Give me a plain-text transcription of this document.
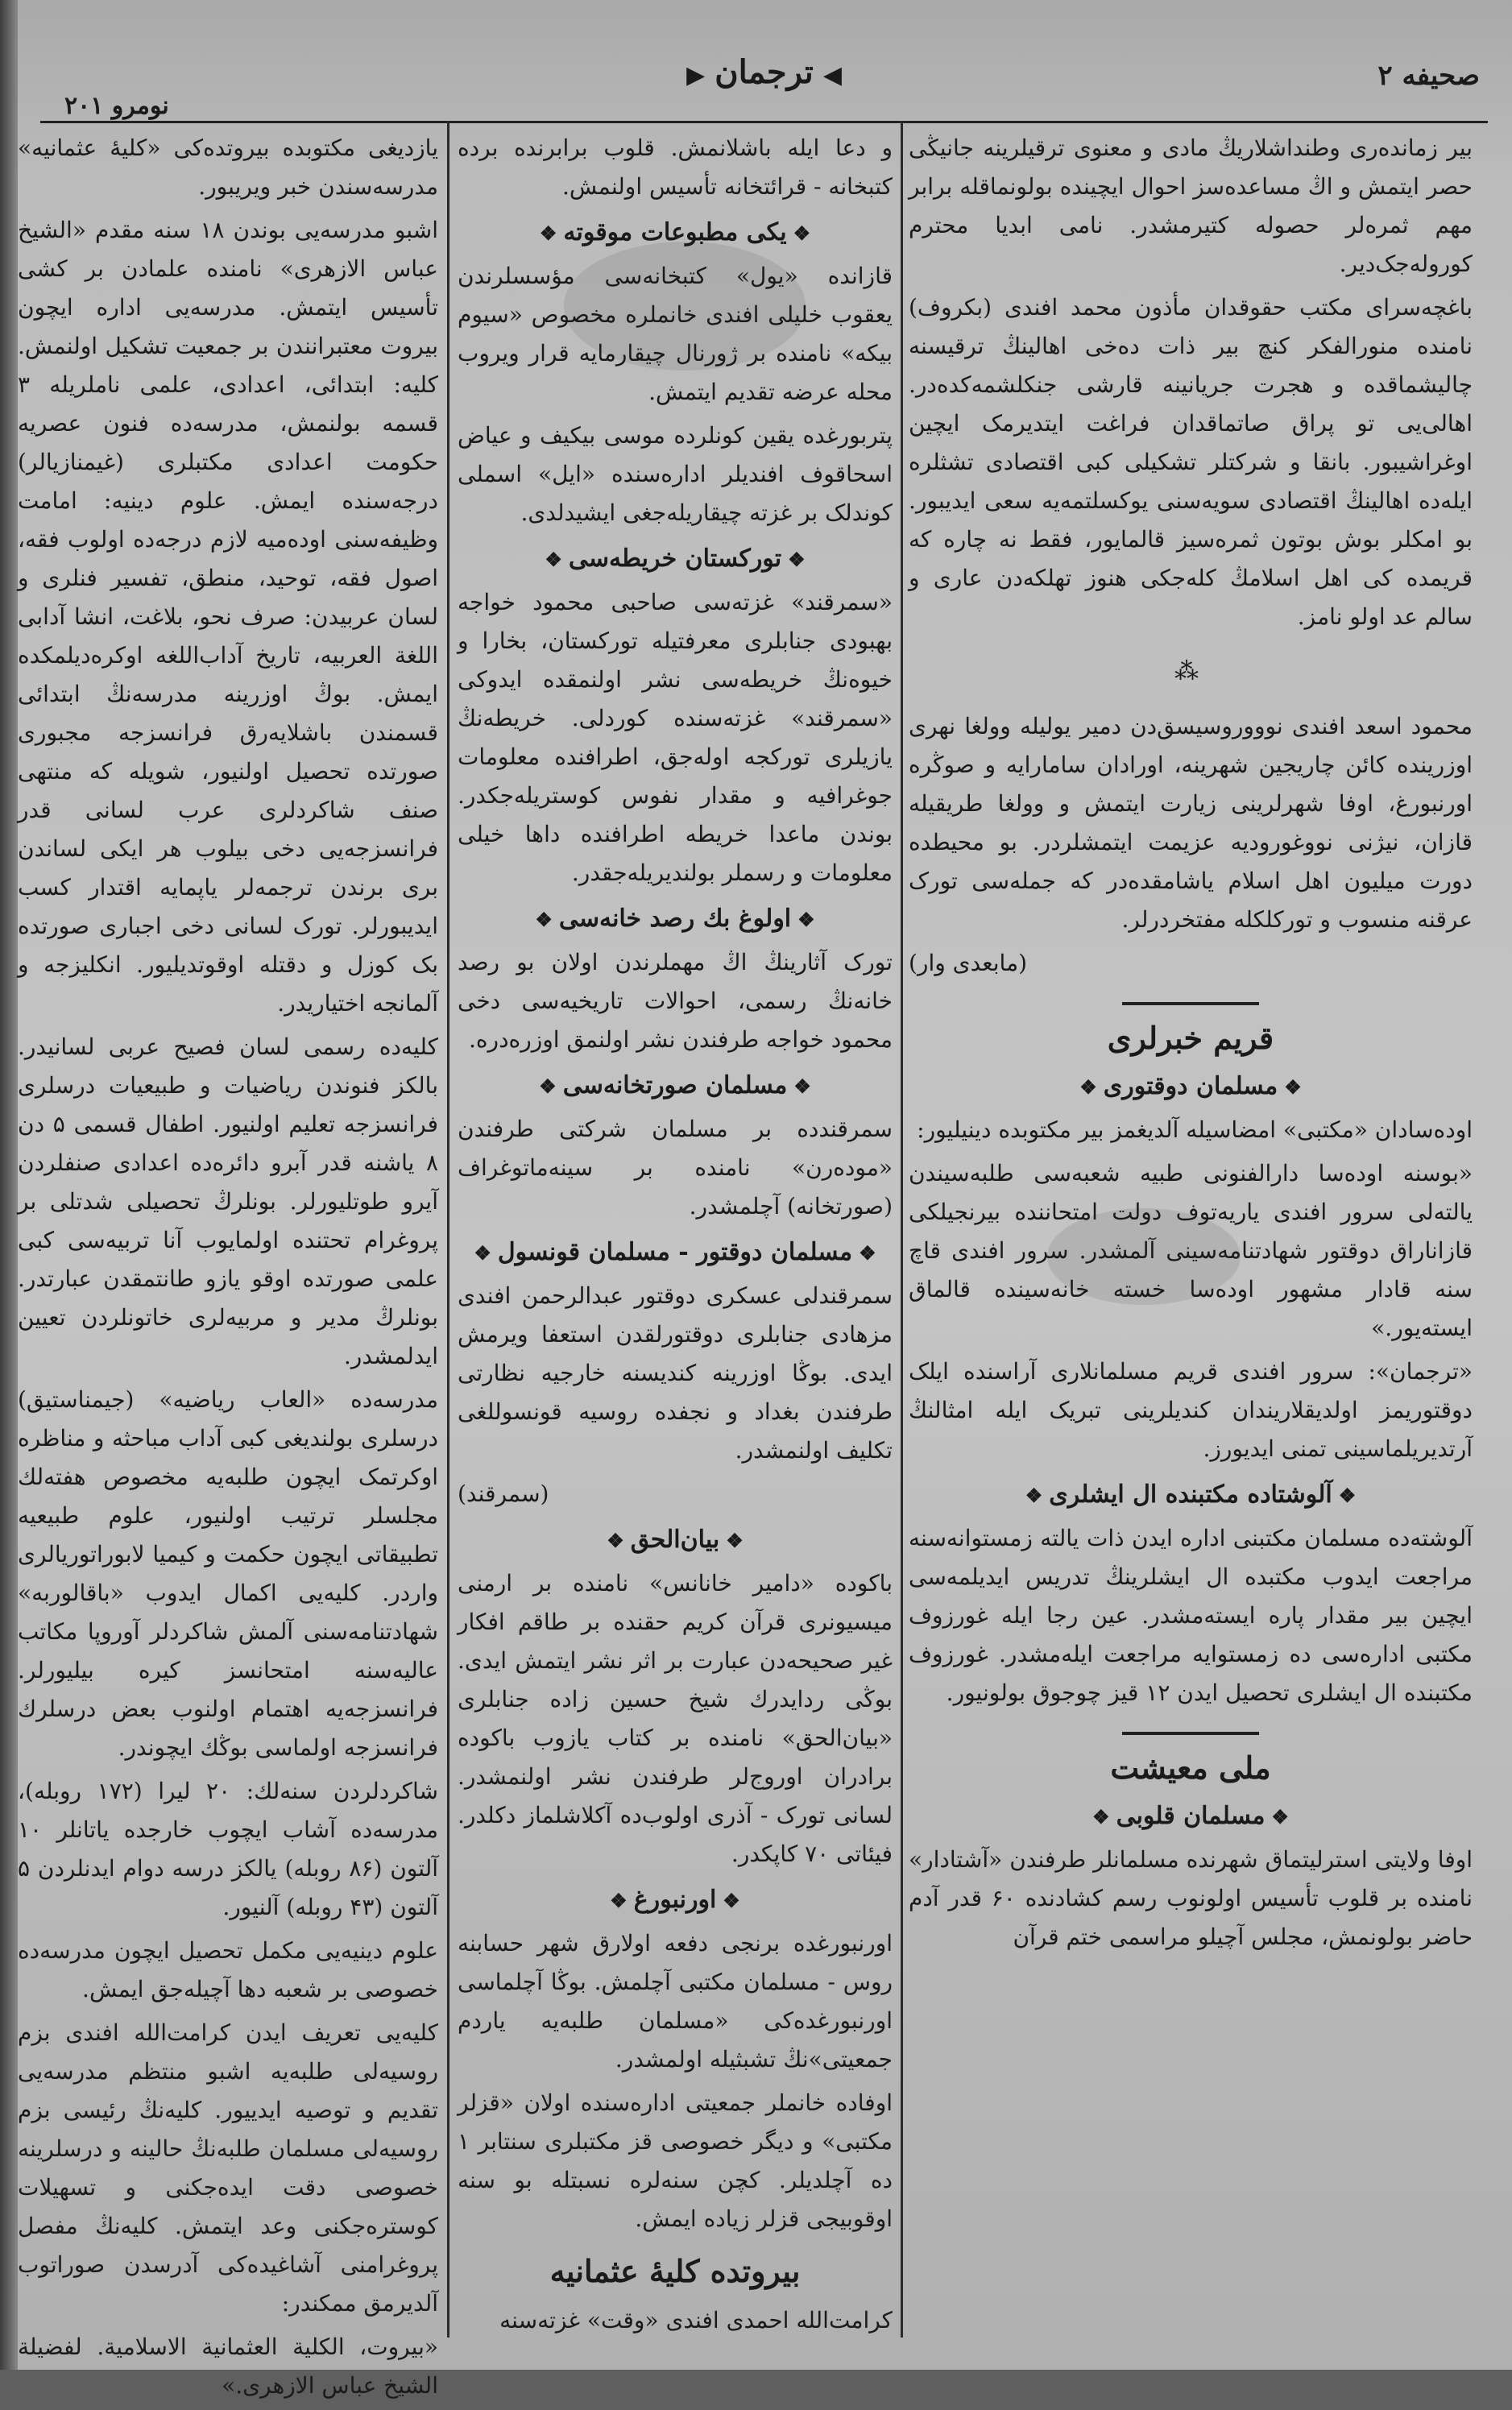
صحیفه ۲
◀ترجمان▶
نومرو ۲۰۱

بیر زمانده‌ری وطنداشلاریڭ مادی و معنوی ترقیلرینه جانیڭی حصر ایتمش و اڭ مساعده‌سز احوال ایچینده بولونماقله برابر مهم ثمره‌لر حصوله کتیرمشدر. نامی ابدیا محترم کوروله‌جک‌دیر.

باغچه‌سرای مکتب حقوقدان مأذون محمد افندی (بکروف) نامنده منورالفکر کنچ بیر ذات ده‌خی اهالینڭ ترقیسنه چالیشماقده و هجرت جریانینه قارشی جنکلشمه‌کده‌در. اهالی‌یی تو پراق صاتماقدان فراغت ایتدیرمک ایچین اوغراشیبور. بانقا و شرکتلر تشکیلی کبی اقتصادی تشثلره ایله‌ده اهالینڭ اقتصادی سویه‌سنی یوکسلتمه‌یه سعی ایدیبور. بو امکلر بوش بوتون ثمره‌سیز قالمایور، فقط نه چاره که قریمده کی اهل اسلامڭ کله‌جکی هنوز تهلکه‌دن عاری و سالم عد اولو نامز.

⁂

محمود اسعد افندی نوووروسیسق‌دن دمیر یولیله وولغا نهری اوزرینده کائن چاریجین شهرینه، اورادان سامارایه و صوڭره اورنبورغ، اوفا شهرلرینی زیارت ایتمش و وولغا طریقیله قازان، نیژنی نووغورودیه عزیمت ایتمشلردر. بو محیطده دورت میلیون اهل اسلام یاشامقده‌در که جمله‌سی تورک عرقنه منسوب و تورکلکله مفتخردرلر.

(مابعدی وار)

قریم خبرلری
❖مسلمان دوقتوری❖

اوده‌سادان «مکتبی» امضاسیله آلدیغمز بیر مکتوبده دینیلیور:

«بوسنه اوده‌سا دارالفنونی طبیه شعبه‌سی طلبه‌سیندن یالته‌لی سرور افندی یاریه‌توف دولت امتحاننده بیرنجیلکی قازاناراق دوقتور شهادتنامه‌سینی آلمشدر. سرور افندی قاچ سنه قادار مشهور اوده‌سا خسته خانه‌سینده قالماق ایسته‌یور.»

«ترجمان»: سرور افندی قریم مسلمانلاری آراسنده ایلک دوقتوریمز اولدیقلاریندان کندیلرینی تبریک ایله امثالنڭ آرتدیریلماسینی تمنی ایدیورز.

❖آلوشتاده مکتبنده ال ایشلری❖

آلوشته‌ده مسلمان مکتبنی اداره ایدن ذات یالته زمستوانه‌سنه مراجعت ایدوب مکتبده ال ایشلرینڭ تدریس ایدیلمه‌سی ایچین بیر مقدار پاره ایسته‌مشدر. عین رجا ایله غورزوف مکتبی اداره‌سی ده زمستوایه مراجعت ایله‌مشدر. غورزوف مکتبنده ال ایشلری تحصیل ایدن ۱۲ قیز چوجوق بولونیور.

ملی معیشت
❖مسلمان قلوبی❖

اوفا ولایتی استرلیتماق شهرنده مسلمانلر طرفندن «آشتادار» نامنده بر قلوب تأسیس اولونوب رسم کشادنده ۶۰ قدر آدم حاضر بولونمش، مجلس آچیلو مراسمی ختم قرآن

و دعا ایله باشلانمش. قلوب برابرنده برده کتبخانه - قرائتخانه تأسیس اولنمش.

❖یکی مطبوعات موقوته❖

قازانده «یول» کتبخانه‌سی مؤسسلرندن یعقوب خلیلی افندی خانملره مخصوص «سیوم بیکه» نامنده بر ژورنال چیقارمایه قرار ویروب محله عرضه تقدیم ایتمش.

پتربورغده یقین کونلرده موسی بیکیف و عیاض اسحاقوف افندیلر اداره‌سنده «ایل» اسملی کوندلک بر غزته چیقاریله‌جغی ایشیدلدی.

❖تورکستان خریطه‌سی❖

«سمرقند» غزته‌سی صاحبی محمود خواجه بهبودی جنابلری معرفتیله تورکستان، بخارا و خیوه‌نڭ خریطه‌سی نشر اولنمقده ایدوکی «سمرقند» غزته‌سنده کوردلی. خریطه‌نڭ یازیلری تورکجه اوله‌جق، اطرافنده معلومات جوغرافیه و مقدار نفوس کوستریله‌جکدر. بوندن ماعدا خریطه اطرافنده داها خیلی معلومات و رسملر بولندیریله‌جقدر.

❖اولوغ بك رصد خانه‌سی❖

تورک آثارینڭ اڭ مهملرندن اولان بو رصد خانه‌نڭ رسمی، احوالات تاریخیه‌سی دخی محمود خواجه طرفندن نشر اولنمق اوزره‌دره.

❖مسلمان صورتخانه‌سی❖

سمرقندده بر مسلمان شرکتی طرفندن «موده‌رن» نامنده بر سینه‌ماتوغراف (صورتخانه) آچلمشدر.

❖مسلمان دوقتور - مسلمان قونسول❖

سمرقندلی عسکری دوقتور عبدالرحمن افندی مزهادی جنابلری دوقتورلقدن استعفا ویرمش ایدی. بوڭا اوزرینه کندیسنه خارجیه نظارتی طرفندن بغداد و نجفده روسیه قونسوللغی تکلیف اولنمشدر.

(سمرقند)

❖بیان‌الحق❖

باکوده «دامیر خانانس» نامنده بر ارمنی میسیونری قرآن کریم حقنده بر طاقم افکار غیر صحیحه‌دن عبارت بر اثر نشر ایتمش ایدی. بوڭی ردایدرك شیخ حسین زاده جنابلری «بیان‌الحق» نامنده بر کتاب یازوب باکوده برادران اوروج‌لر طرفندن نشر اولنمشدر. لسانی تورک - آذری اولوب‌ده آکلاشلماز دکلدر. فیئاتی ۷۰ کاپکدر.

❖اورنبورغ❖

اورنبورغده برنجی دفعه اولارق شهر حسابنه روس - مسلمان مکتبی آچلمش. بوڭا آچلماسی اورنبورغده‌کی «مسلمان طلبه‌یه یاردم جمعیتی»نڭ تشبثیله اولمشدر.

اوفاده خانملر جمعیتی اداره‌سنده اولان «قزلر مکتبی» و دیگر خصوصی قز مکتبلری سنتابر ۱ ده آچلدیلر. کچن سنه‌لره نسبتله بو سنه اوقوبیجی قزلر زیاده ایمش.

بیروتده کلیهٔ عثمانیه

کرامت‌الله احمدی افندی «وقت» غزته‌سنه

یازدیغی مکتوبده بیروتده‌کی «کلیهٔ عثمانیه» مدرسه‌سندن خبر ویریبور.

اشبو مدرسه‌یی بوندن ۱۸ سنه مقدم «الشیخ عباس الازهری» نامنده علمادن بر کشی تأسیس ایتمش. مدرسه‌یی اداره ایچون بیروت معتبرانندن بر جمعیت تشکیل اولنمش. کلیه: ابتدائی، اعدادی، علمی ناملریله ۳ قسمه بولنمش، مدرسه‌ده فنون عصریه حکومت اعدادی مکتبلری (غیمنازیالر) درجه‌سنده ایمش. علوم دینیه: امامت وظیفه‌سنی اوده‌میه لازم درجه‌ده اولوب فقه، اصول فقه، توحید، منطق، تفسیر فنلری و لسان عربیدن: صرف نحو، بلاغت، انشا آدابی اللغة العربیه، تاریخ آداب‌اللغه اوکرەدیلمکده ایمش. بوڭ اوزرینه مدرسه‌نڭ ابتدائی قسمندن باشلایه‌رق فرانسزجه مجبوری صورتده تحصیل اولنیور، شویله که منتهی صنف شاکردلری عرب لسانی قدر فرانسزجه‌یی دخی بیلوب هر ایکی لساندن بری برندن ترجمه‌لر یاپمایه اقتدار کسب ایدیبورلر. تورک لسانی دخی اجباری صورتده بک کوزل و دقتله اوقوتدیلیور. انکلیزجه و آلمانجه اختیاریدر.

کلیه‌ده رسمی لسان فصیح عربی لسانیدر. بالکز فنوندن ریاضیات و طبیعیات درسلری فرانسزجه تعلیم اولنیور. اطفال قسمی ۵ دن ۸ یاشنه قدر آبرو دائره‌ده اعدادی صنفلردن آیرو طوتلیورلر. بونلرڭ تحصیلی شدتلی بر پروغرام تحتنده اولمایوب آنا تربیه‌سی کبی علمی صورتده اوقو یازو طانتمقدن عبارتدر. بونلرڭ مدیر و مربیه‌لری خاتونلردن تعیین ایدلمشدر.

مدرسه‌ده «العاب ریاضیه» (جیمناستیق) درسلری بولندیغی کبی آداب مباحثه و مناظره اوکرتمک ایچون طلبه‌یه مخصوص هفته‌لك مجلسلر ترتیب اولنیور، علوم طبیعیه تطبیقاتی ایچون حکمت و کیمیا لابوراتوریالری واردر. کلیه‌یی اکمال ایدوب «باقالوربه» شهادتنامه‌سنی آلمش شاکردلر آوروپا مکاتب عالیه‌سنه امتحانسز کیره بیلیورلر. فرانسزجه‌یه اهتمام اولنوب بعض درسلرك فرانسزجه اولماسی بوڭك ایچوندر.

شاکردلردن سنه‌لك: ۲۰ لیرا (۱۷۲ روبله)، مدرسه‌ده آشاب ایچوب خارجده یاتانلر ۱۰ آلتون (۸۶ روبله) یالکز درسه دوام ایدنلردن ۵ آلتون (۴۳ روبله) آلنیور.

علوم دینیه‌یی مکمل تحصیل ایچون مدرسه‌ده خصوصی بر شعبه دها آچیله‌جق ایمش.

کلیه‌یی تعریف ایدن کرامت‌الله افندی بزم روسیه‌لی طلبه‌یه اشبو منتظم مدرسه‌یی تقدیم و توصیه ایدییور. کلیه‌نڭ رئیسی بزم روسیه‌لی مسلمان طلبه‌نڭ حالینه و درسلرینه خصوصی دقت ایده‌جکنی و تسهیلات کوستره‌جکنی وعد ایتمش. کلیه‌نڭ مفصل پروغرامنی آشاغیده‌کی آدرسدن صوراتوب آلدیرمق ممکندر:

«بیروت، الکلیة العثمانیة الاسلامیة. لفضیلة الشیخ عباس الازهری.»
